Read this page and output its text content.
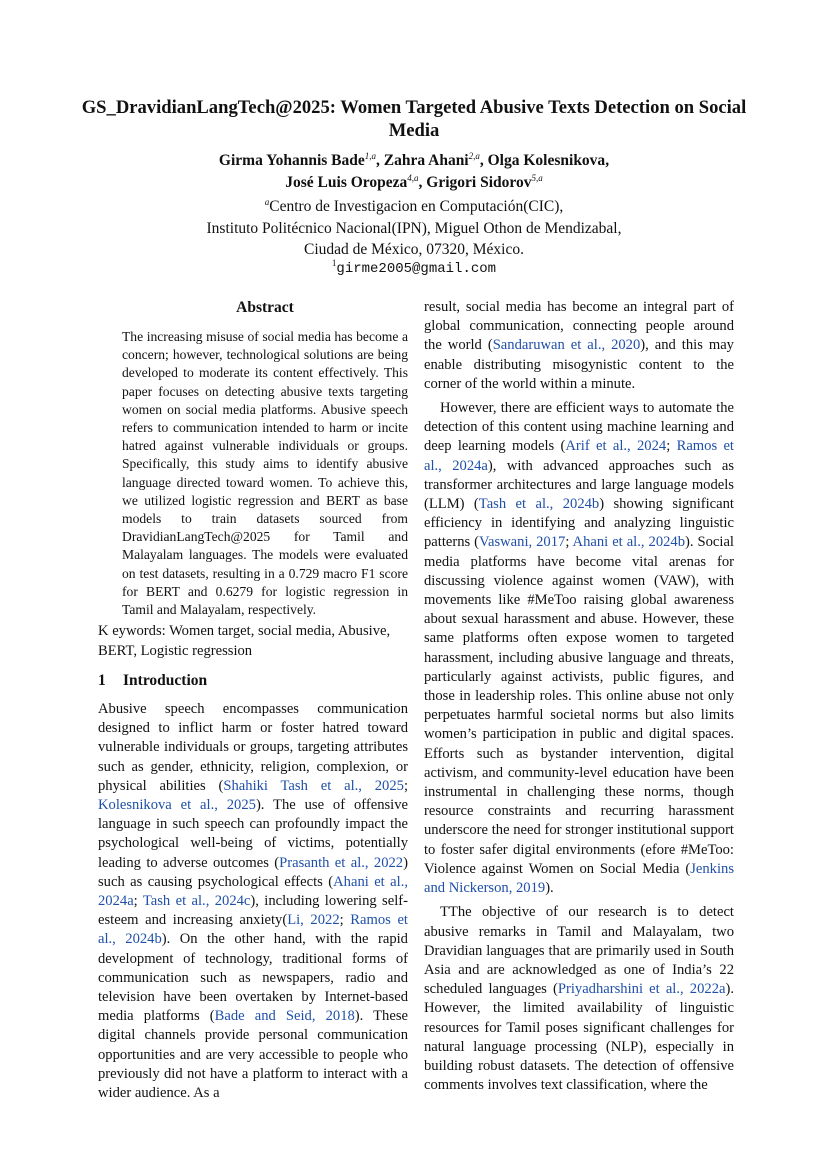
GS_DravidianLangTech@2025: Women Targeted Abusive Texts Detection on Social Media
Girma Yohannis Bade$^{1,a}$, Zahra Ahani$^{2,a}$, Olga Kolesnikova,
José Luis Oropeza$^{4,a}$, Grigori Sidorov$^{5,a}$
$^a$Centro de Investigacion en Computación(CIC),
Instituto Politécnico Nacional(IPN), Miguel Othon de Mendizabal,
Ciudad de México, 07320, México.
$^1$girme2005@gmail.com
Abstract
The increasing misuse of social media has become a concern; however, technological solutions are being developed to moderate its content effectively. This paper focuses on detecting abusive texts targeting women on social media platforms. Abusive speech refers to communication intended to harm or incite hatred against vulnerable individuals or groups. Specifically, this study aims to identify abusive language directed toward women. To achieve this, we utilized logistic regression and BERT as base models to train datasets sourced from DravidianLangTech@2025 for Tamil and Malayalam languages. The models were evaluated on test datasets, resulting in a 0.729 macro F1 score for BERT and 0.6279 for logistic regression in Tamil and Malayalam, respectively.
K eywords: Women target, social media, Abusive, BERT, Logistic regression
1 Introduction
Abusive speech encompasses communication designed to inflict harm or foster hatred toward vulnerable individuals or groups, targeting attributes such as gender, ethnicity, religion, complexion, or physical abilities (Shahiki Tash et al., 2025; Kolesnikova et al., 2025). The use of offensive language in such speech can profoundly impact the psychological well-being of victims, potentially leading to adverse outcomes (Prasanth et al., 2022) such as causing psychological effects (Ahani et al., 2024a; Tash et al., 2024c), including lowering self-esteem and increasing anxiety(Li, 2022; Ramos et al., 2024b). On the other hand, with the rapid development of technology, traditional forms of communication such as newspapers, radio and television have been overtaken by Internet-based media platforms (Bade and Seid, 2018). These digital channels provide personal communication opportunities and are very accessible to people who previously did not have a platform to interact with a wider audience. As a

result, social media has become an integral part of global communication, connecting people around the world (Sandaruwan et al., 2020), and this may enable distributing misogynistic content to the corner of the world within a minute.

However, there are efficient ways to automate the detection of this content using machine learning and deep learning models (Arif et al., 2024; Ramos et al., 2024a), with advanced approaches such as transformer architectures and large language models (LLM) (Tash et al., 2024b) showing significant efficiency in identifying and analyzing linguistic patterns (Vaswani, 2017; Ahani et al., 2024b). Social media platforms have become vital arenas for discussing violence against women (VAW), with movements like #MeToo raising global awareness about sexual harassment and abuse. However, these same platforms often expose women to targeted harassment, including abusive language and threats, particularly against activists, public figures, and those in leadership roles. This online abuse not only perpetuates harmful societal norms but also limits women’s participation in public and digital spaces. Efforts such as bystander intervention, digital activism, and community-level education have been instrumental in challenging these norms, though resource constraints and recurring harassment underscore the need for stronger institutional support to foster safer digital environments (efore #MeToo: Violence against Women on Social Media (Jenkins and Nickerson, 2019).

TThe objective of our research is to detect abusive remarks in Tamil and Malayalam, two Dravidian languages that are primarily used in South Asia and are acknowledged as one of India’s 22 scheduled languages (Priyadharshini et al., 2022a). However, the limited availability of linguistic resources for Tamil poses significant challenges for natural language processing (NLP), especially in building robust datasets. The detection of offensive comments involves text classification, where the
